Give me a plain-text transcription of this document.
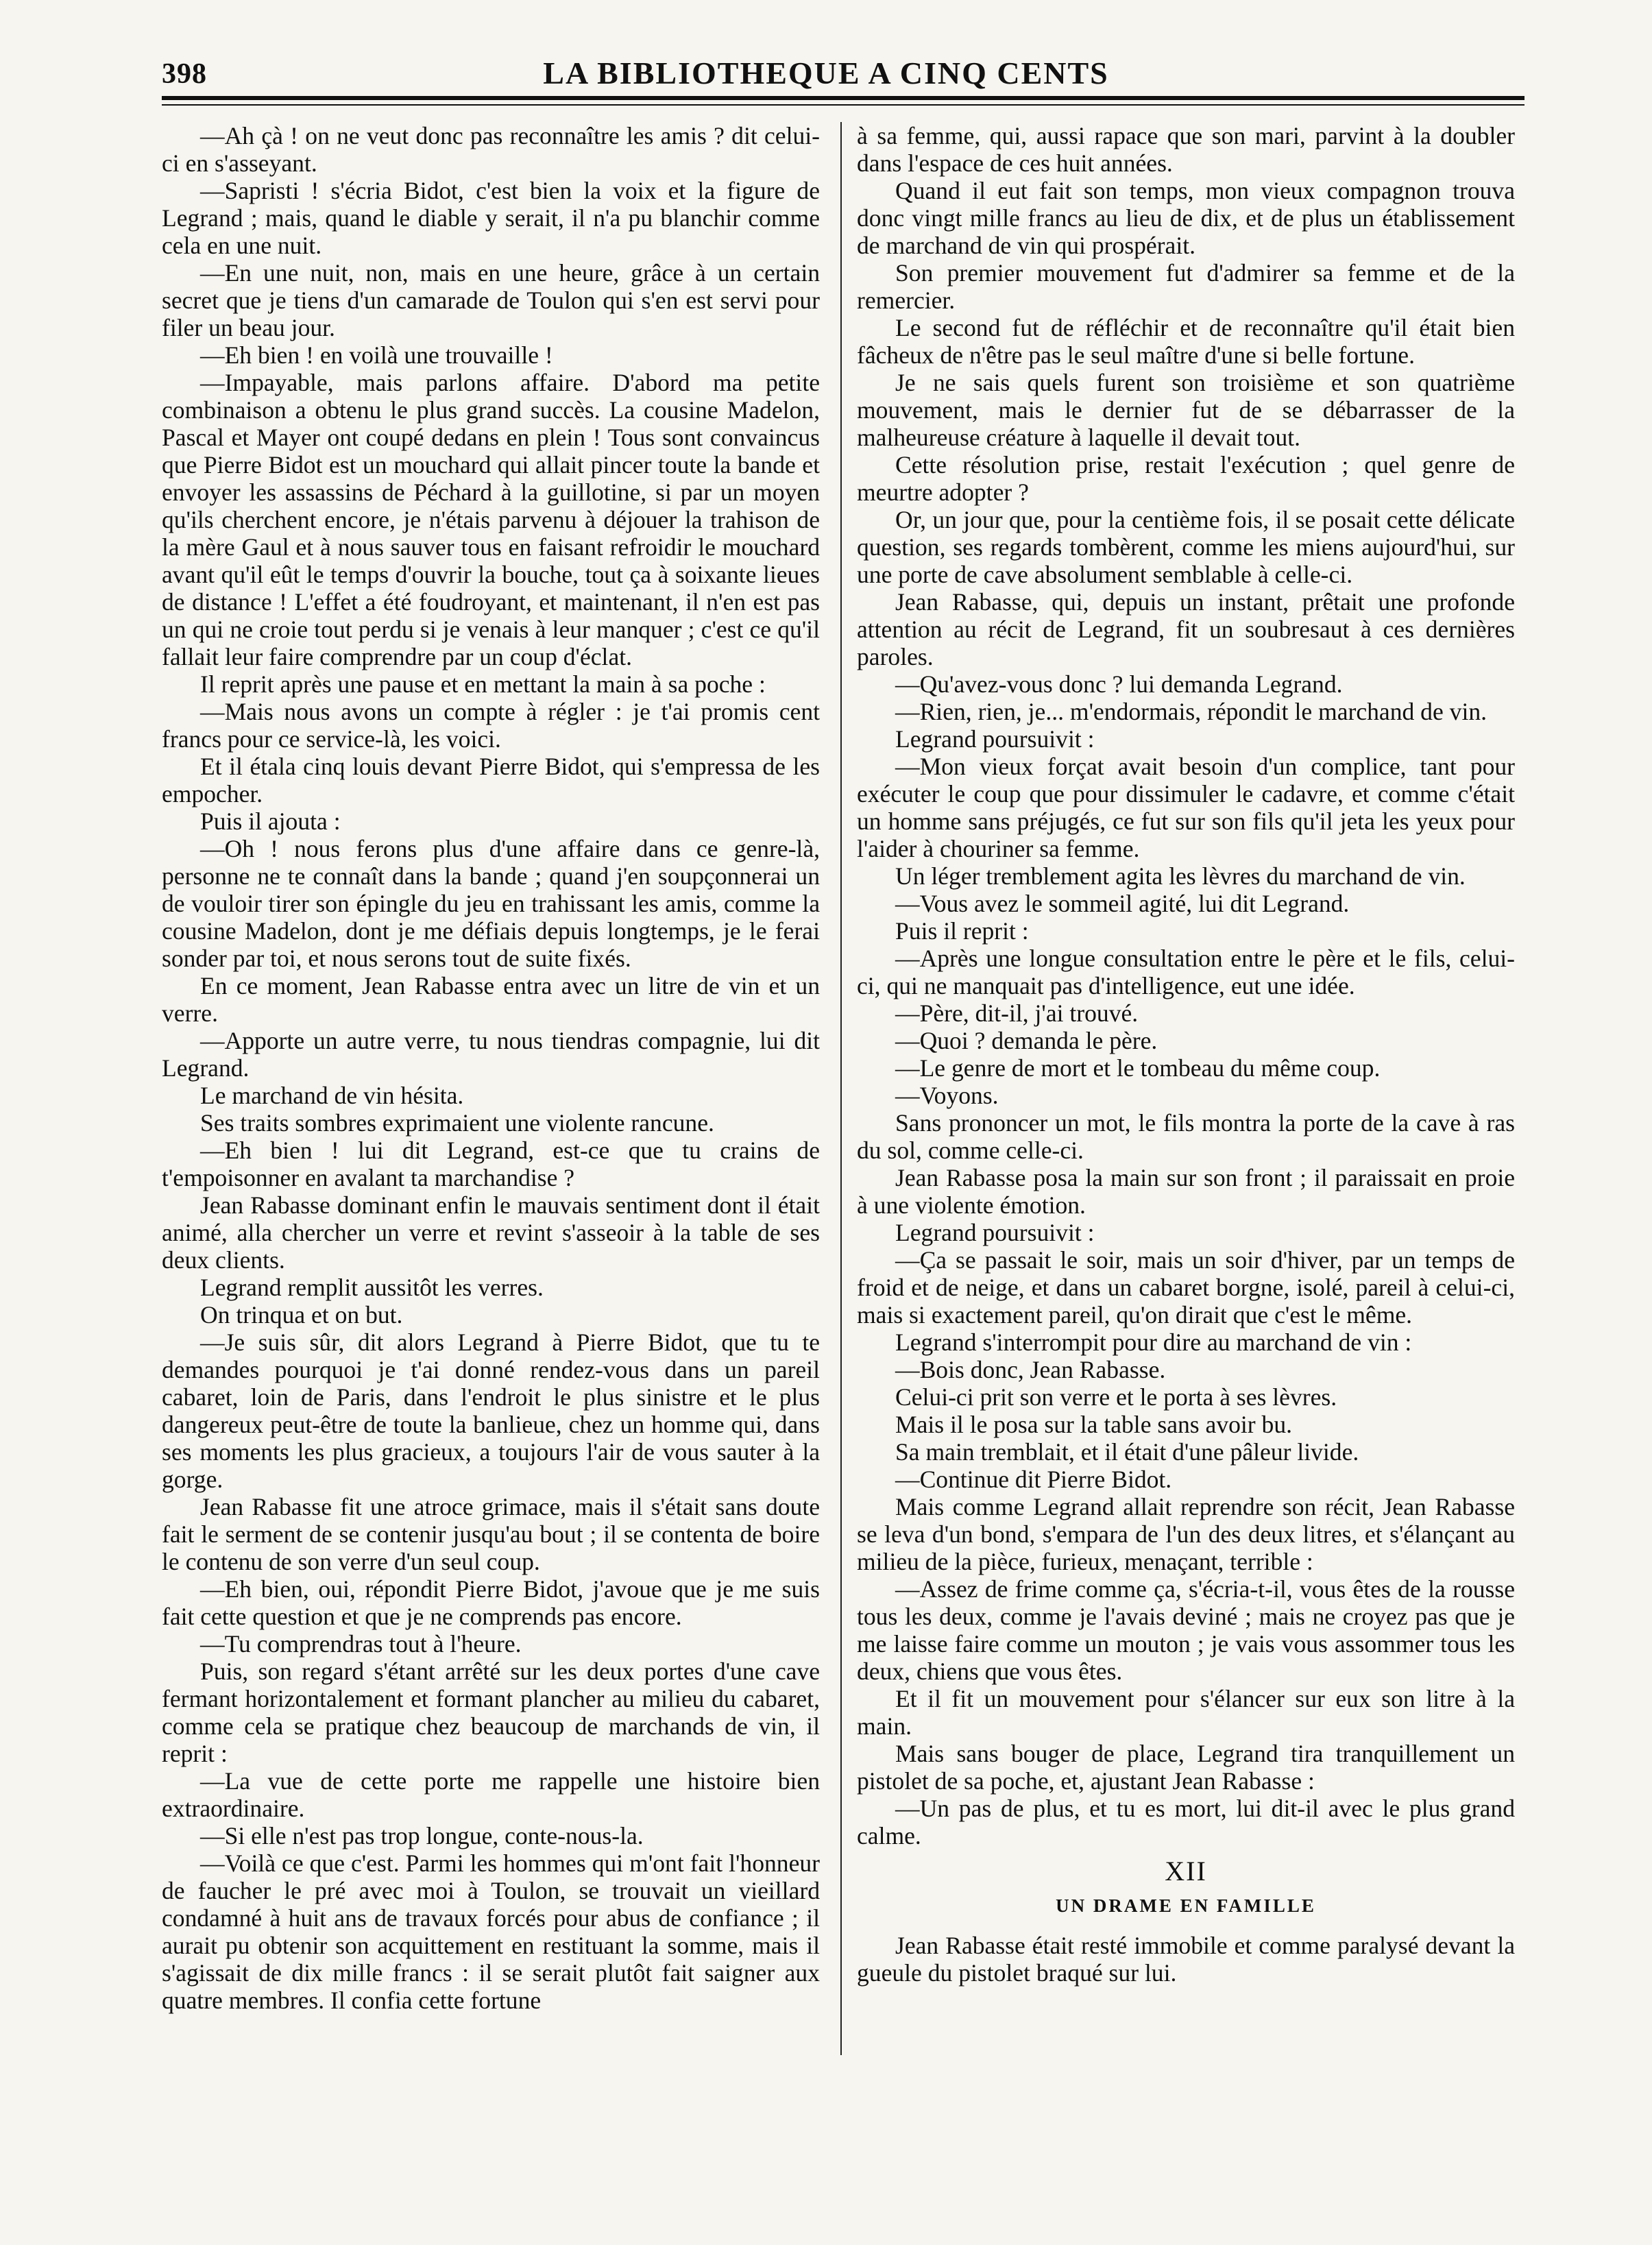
398	LA BIBLIOTHEQUE A CINQ CENTS

—Ah çà ! on ne veut donc pas reconnaître les amis ? dit celui-ci en s'asseyant.

—Sapristi ! s'écria Bidot, c'est bien la voix et la figure de Legrand ; mais, quand le diable y serait, il n'a pu blanchir comme cela en une nuit.

—En une nuit, non, mais en une heure, grâce à un certain secret que je tiens d'un camarade de Toulon qui s'en est servi pour filer un beau jour.

—Eh bien ! en voilà une trouvaille !

—Impayable, mais parlons affaire. D'abord ma petite combinaison a obtenu le plus grand succès. La cousine Madelon, Pascal et Mayer ont coupé dedans en plein ! Tous sont convaincus que Pierre Bidot est un mouchard qui allait pincer toute la bande et envoyer les assassins de Péchard à la guillotine, si par un moyen qu'ils cherchent encore, je n'étais parvenu à déjouer la trahison de la mère Gaul et à nous sauver tous en faisant refroidir le mouchard avant qu'il eût le temps d'ouvrir la bouche, tout ça à soixante lieues de distance ! L'effet a été foudroyant, et maintenant, il n'en est pas un qui ne croie tout perdu si je venais à leur manquer ; c'est ce qu'il fallait leur faire comprendre par un coup d'éclat.

Il reprit après une pause et en mettant la main à sa poche :

—Mais nous avons un compte à régler : je t'ai promis cent francs pour ce service-là, les voici.

Et il étala cinq louis devant Pierre Bidot, qui s'empressa de les empocher.

Puis il ajouta :

—Oh ! nous ferons plus d'une affaire dans ce genre-là, personne ne te connaît dans la bande ; quand j'en soupçonnerai un de vouloir tirer son épingle du jeu en trahissant les amis, comme la cousine Madelon, dont je me défiais depuis longtemps, je le ferai sonder par toi, et nous serons tout de suite fixés.

En ce moment, Jean Rabasse entra avec un litre de vin et un verre.

—Apporte un autre verre, tu nous tiendras compagnie, lui dit Legrand.

Le marchand de vin hésita.

Ses traits sombres exprimaient une violente rancune.

—Eh bien ! lui dit Legrand, est-ce que tu crains de t'empoisonner en avalant ta marchandise ?

Jean Rabasse dominant enfin le mauvais sentiment dont il était animé, alla chercher un verre et revint s'asseoir à la table de ses deux clients.

Legrand remplit aussitôt les verres.

On trinqua et on but.

—Je suis sûr, dit alors Legrand à Pierre Bidot, que tu te demandes pourquoi je t'ai donné rendez-vous dans un pareil cabaret, loin de Paris, dans l'endroit le plus sinistre et le plus dangereux peut-être de toute la banlieue, chez un homme qui, dans ses moments les plus gracieux, a toujours l'air de vous sauter à la gorge.

Jean Rabasse fit une atroce grimace, mais il s'était sans doute fait le serment de se contenir jusqu'au bout ; il se contenta de boire le contenu de son verre d'un seul coup.

—Eh bien, oui, répondit Pierre Bidot, j'avoue que je me suis fait cette question et que je ne comprends pas encore.

—Tu comprendras tout à l'heure.

Puis, son regard s'étant arrêté sur les deux portes d'une cave fermant horizontalement et formant plancher au milieu du cabaret, comme cela se pratique chez beaucoup de marchands de vin, il reprit :

—La vue de cette porte me rappelle une histoire bien extraordinaire.

—Si elle n'est pas trop longue, conte-nous-la.

—Voilà ce que c'est. Parmi les hommes qui m'ont fait l'honneur de faucher le pré avec moi à Toulon, se trouvait un vieillard condamné à huit ans de travaux forcés pour abus de confiance ; il aurait pu obtenir son acquittement en restituant la somme, mais il s'agissait de dix mille francs : il se serait plutôt fait saigner aux quatre membres. Il confia cette fortune

à sa femme, qui, aussi rapace que son mari, parvint à la doubler dans l'espace de ces huit années.

Quand il eut fait son temps, mon vieux compagnon trouva donc vingt mille francs au lieu de dix, et de plus un établissement de marchand de vin qui prospérait.

Son premier mouvement fut d'admirer sa femme et de la remercier.

Le second fut de réfléchir et de reconnaître qu'il était bien fâcheux de n'être pas le seul maître d'une si belle fortune.

Je ne sais quels furent son troisième et son quatrième mouvement, mais le dernier fut de se débarrasser de la malheureuse créature à laquelle il devait tout.

Cette résolution prise, restait l'exécution ; quel genre de meurtre adopter ?

Or, un jour que, pour la centième fois, il se posait cette délicate question, ses regards tombèrent, comme les miens aujourd'hui, sur une porte de cave absolument semblable à celle-ci.

Jean Rabasse, qui, depuis un instant, prêtait une profonde attention au récit de Legrand, fit un soubresaut à ces dernières paroles.

—Qu'avez-vous donc ? lui demanda Legrand.

—Rien, rien, je... m'endormais, répondit le marchand de vin.

Legrand poursuivit :

—Mon vieux forçat avait besoin d'un complice, tant pour exécuter le coup que pour dissimuler le cadavre, et comme c'était un homme sans préjugés, ce fut sur son fils qu'il jeta les yeux pour l'aider à chouriner sa femme.

Un léger tremblement agita les lèvres du marchand de vin.

—Vous avez le sommeil agité, lui dit Legrand.

Puis il reprit :

—Après une longue consultation entre le père et le fils, celui-ci, qui ne manquait pas d'intelligence, eut une idée.

—Père, dit-il, j'ai trouvé.

—Quoi ? demanda le père.

—Le genre de mort et le tombeau du même coup.

—Voyons.

Sans prononcer un mot, le fils montra la porte de la cave à ras du sol, comme celle-ci.

Jean Rabasse posa la main sur son front ; il paraissait en proie à une violente émotion.

Legrand poursuivit :

—Ça se passait le soir, mais un soir d'hiver, par un temps de froid et de neige, et dans un cabaret borgne, isolé, pareil à celui-ci, mais si exactement pareil, qu'on dirait que c'est le même.

Legrand s'interrompit pour dire au marchand de vin :

—Bois donc, Jean Rabasse.

Celui-ci prit son verre et le porta à ses lèvres.

Mais il le posa sur la table sans avoir bu.

Sa main tremblait, et il était d'une pâleur livide.

—Continue dit Pierre Bidot.

Mais comme Legrand allait reprendre son récit, Jean Rabasse se leva d'un bond, s'empara de l'un des deux litres, et s'élançant au milieu de la pièce, furieux, menaçant, terrible :

—Assez de frime comme ça, s'écria-t-il, vous êtes de la rousse tous les deux, comme je l'avais deviné ; mais ne croyez pas que je me laisse faire comme un mouton ; je vais vous assommer tous les deux, chiens que vous êtes.

Et il fit un mouvement pour s'élancer sur eux son litre à la main.

Mais sans bouger de place, Legrand tira tranquillement un pistolet de sa poche, et, ajustant Jean Rabasse :

—Un pas de plus, et tu es mort, lui dit-il avec le plus grand calme.

XII

UN DRAME EN FAMILLE

Jean Rabasse était resté immobile et comme paralysé devant la gueule du pistolet braqué sur lui.
